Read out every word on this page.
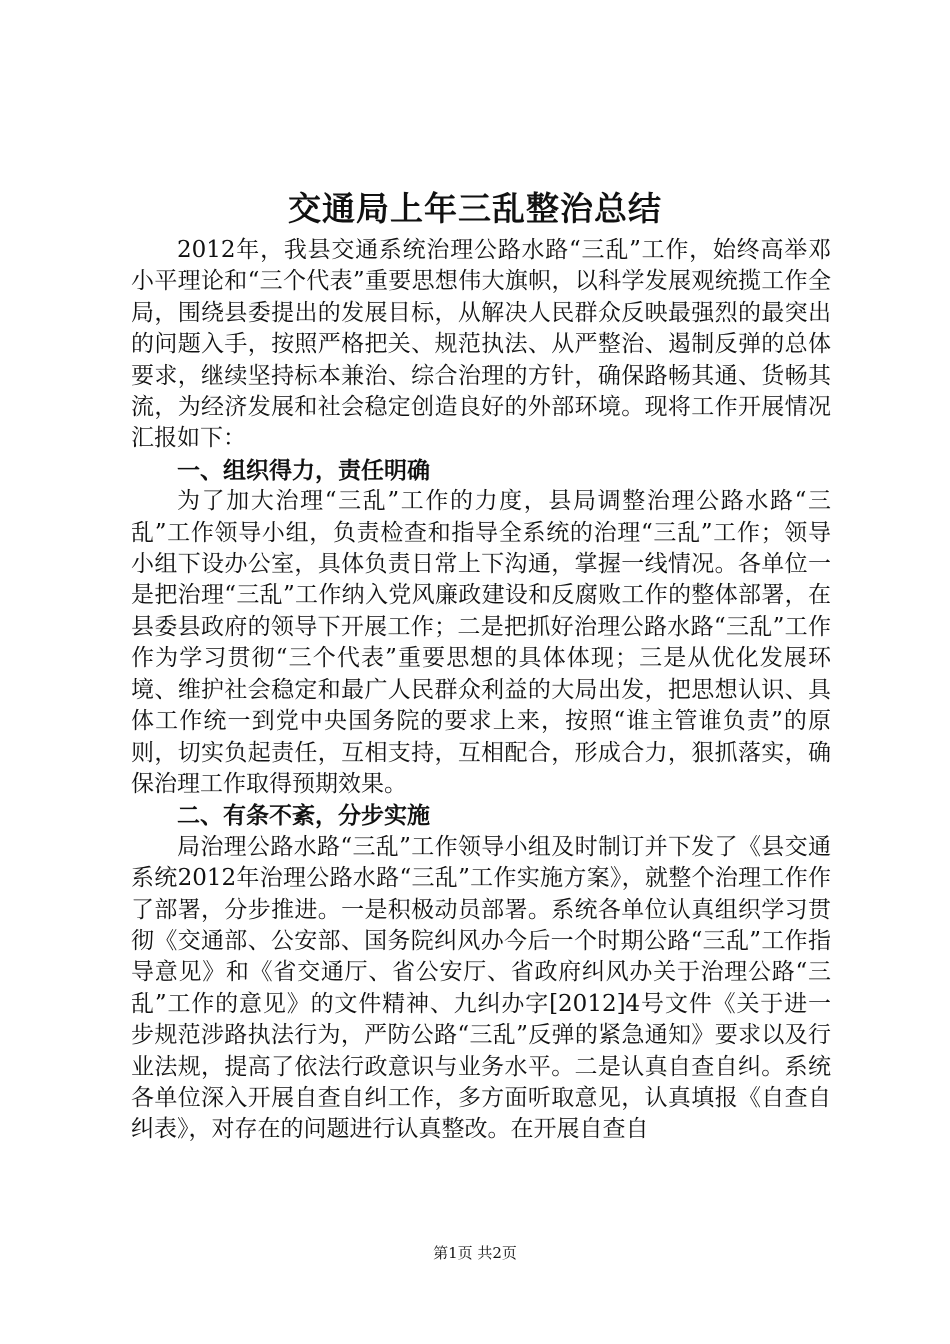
交通局上年三乱整治总结

2012年，我县交通系统治理公路水路“三乱”工作，始终高举邓小平理论和“三个代表”重要思想伟大旗帜，以科学发展观统揽工作全局，围绕县委提出的发展目标，从解决人民群众反映最强烈的最突出的问题入手，按照严格把关、规范执法、从严整治、遏制反弹的总体要求，继续坚持标本兼治、综合治理的方针，确保路畅其通、货畅其流，为经济发展和社会稳定创造良好的外部环境。现将工作开展情况汇报如下：

一、组织得力，责任明确

为了加大治理“三乱”工作的力度，县局调整治理公路水路“三乱”工作领导小组，负责检查和指导全系统的治理“三乱”工作；领导小组下设办公室，具体负责日常上下沟通，掌握一线情况。各单位一是把治理“三乱”工作纳入党风廉政建设和反腐败工作的整体部署，在县委县政府的领导下开展工作；二是把抓好治理公路水路“三乱”工作作为学习贯彻“三个代表”重要思想的具体体现；三是从优化发展环境、维护社会稳定和最广人民群众利益的大局出发，把思想认识、具体工作统一到党中央国务院的要求上来，按照“谁主管谁负责”的原则，切实负起责任，互相支持，互相配合，形成合力，狠抓落实，确保治理工作取得预期效果。

二、有条不紊，分步实施

局治理公路水路“三乱”工作领导小组及时制订并下发了《县交通系统2012年治理公路水路“三乱”工作实施方案》，就整个治理工作作了部署，分步推进。一是积极动员部署。系统各单位认真组织学习贯彻《交通部、公安部、国务院纠风办今后一个时期公路“三乱”工作指导意见》和《省交通厅、省公安厅、省政府纠风办关于治理公路“三乱”工作的意见》的文件精神、九纠办字[2012]4号文件《关于进一步规范涉路执法行为，严防公路“三乱”反弹的紧急通知》要求以及行业法规，提高了依法行政意识与业务水平。二是认真自查自纠。系统各单位深入开展自查自纠工作，多方面听取意见，认真填报《自查自纠表》，对存在的问题进行认真整改。在开展自查自

第1页 共2页
